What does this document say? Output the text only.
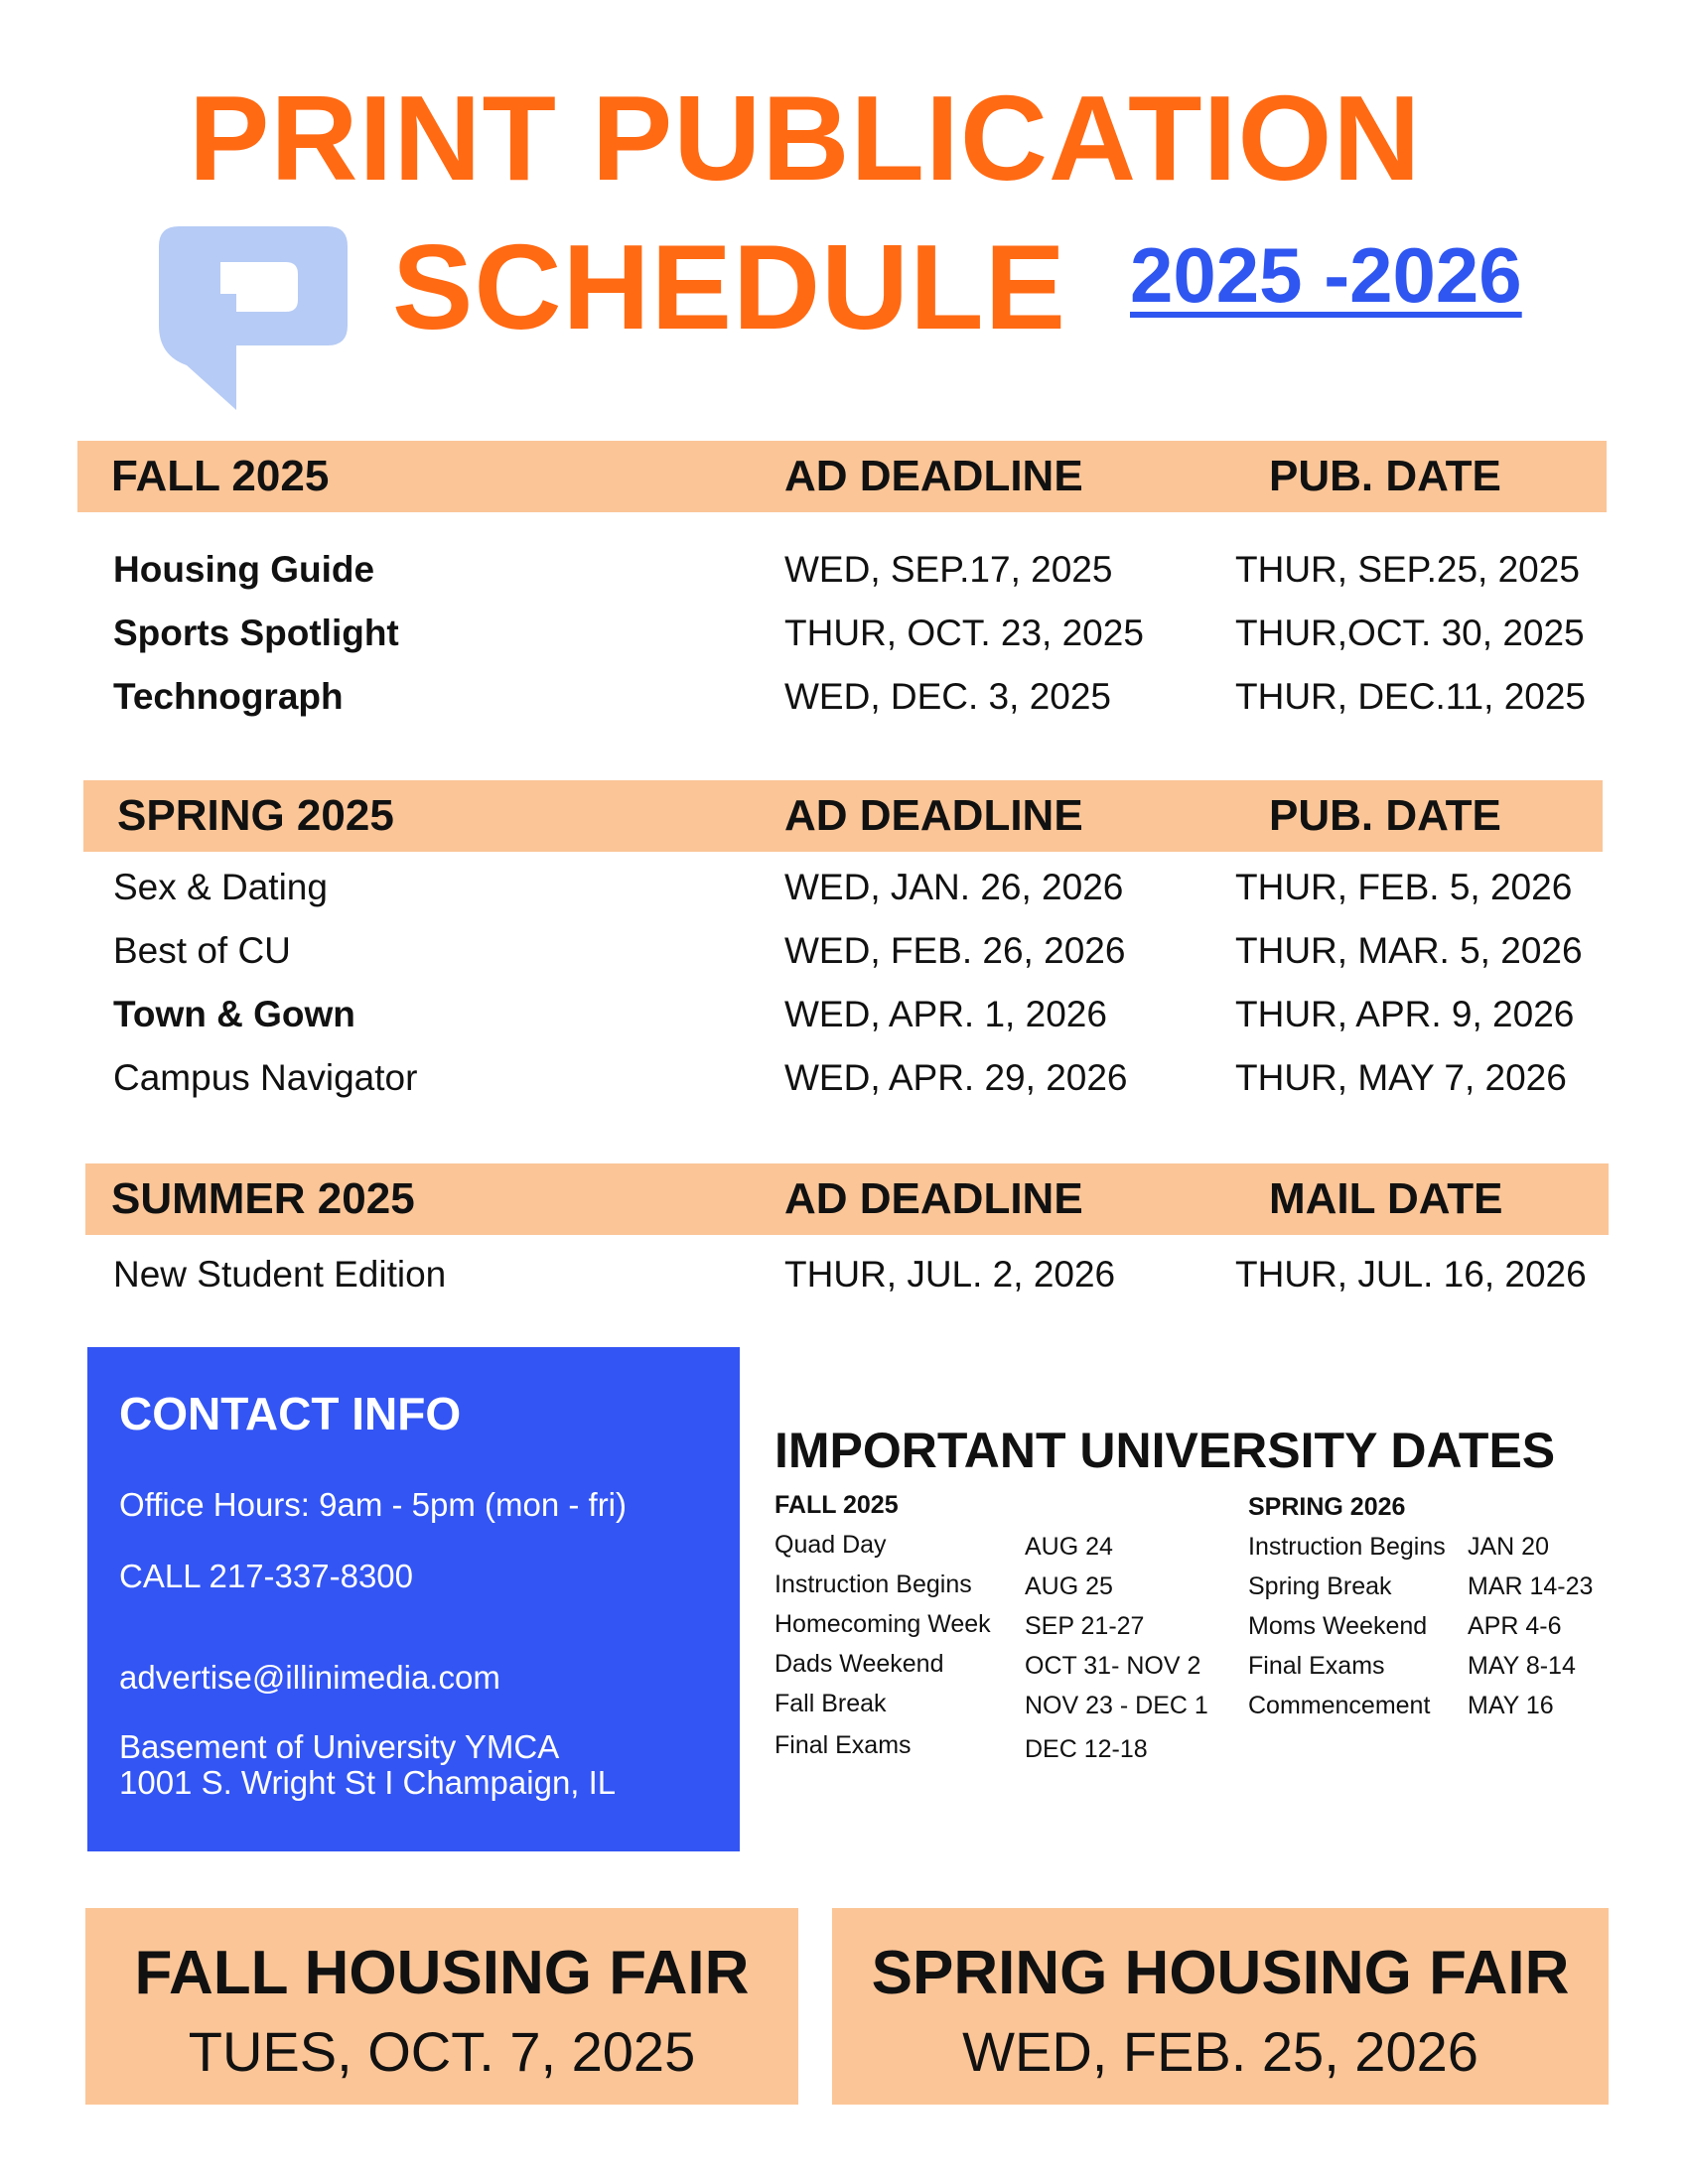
PRINT PUBLICATION
SCHEDULE 2025 -2026
FALL 2025	AD DEADLINE	PUB. DATE
Housing Guide	WED, SEP.17, 2025	THUR, SEP.25, 2025
Sports Spotlight	THUR, OCT. 23, 2025 THUR,OCT. 30, 2025
Technograph	WED, DEC. 3, 2025	THUR, DEC.11, 2025
SPRING 2025	AD DEADLINE	PUB. DATE
Sex & Dating	WED, JAN. 26, 2026	THUR, FEB. 5, 2026
Best of CU	WED, FEB. 26, 2026	THUR, MAR. 5, 2026
Town & Gown	WED, APR. 1, 2026	THUR, APR. 9, 2026
Campus Navigator	WED, APR. 29, 2026	THUR, MAY 7, 2026
SUMMER 2025	AD DEADLINE	MAIL DATE
New Student Edition	THUR, JUL. 2, 2026	THUR, JUL. 16, 2026
CONTACT INFO
Office Hours: 9am - 5pm (mon - fri)
CALL 217-337-8300
advertise@illinimedia.com
Basement of University YMCA
1001 S. Wright St I Champaign, IL
IMPORTANT UNIVERSITY DATES
FALL 2025
Quad Day	AUG 24
Instruction Begins AUG 25
Homecoming Week SEP 21-27
Dads Weekend	OCT 31- NOV 2
Fall Break	NOV 23 - DEC 1
Final Exams	DEC 12-18
SPRING 2026
Instruction Begins JAN 20
Spring Break	MAR 14-23
Moms Weekend APR 4-6
Final Exams	MAY 8-14
Commencement MAY 16
FALL HOUSING FAIR
TUES, OCT. 7, 2025
SPRING HOUSING FAIR
WED, FEB. 25, 2026
